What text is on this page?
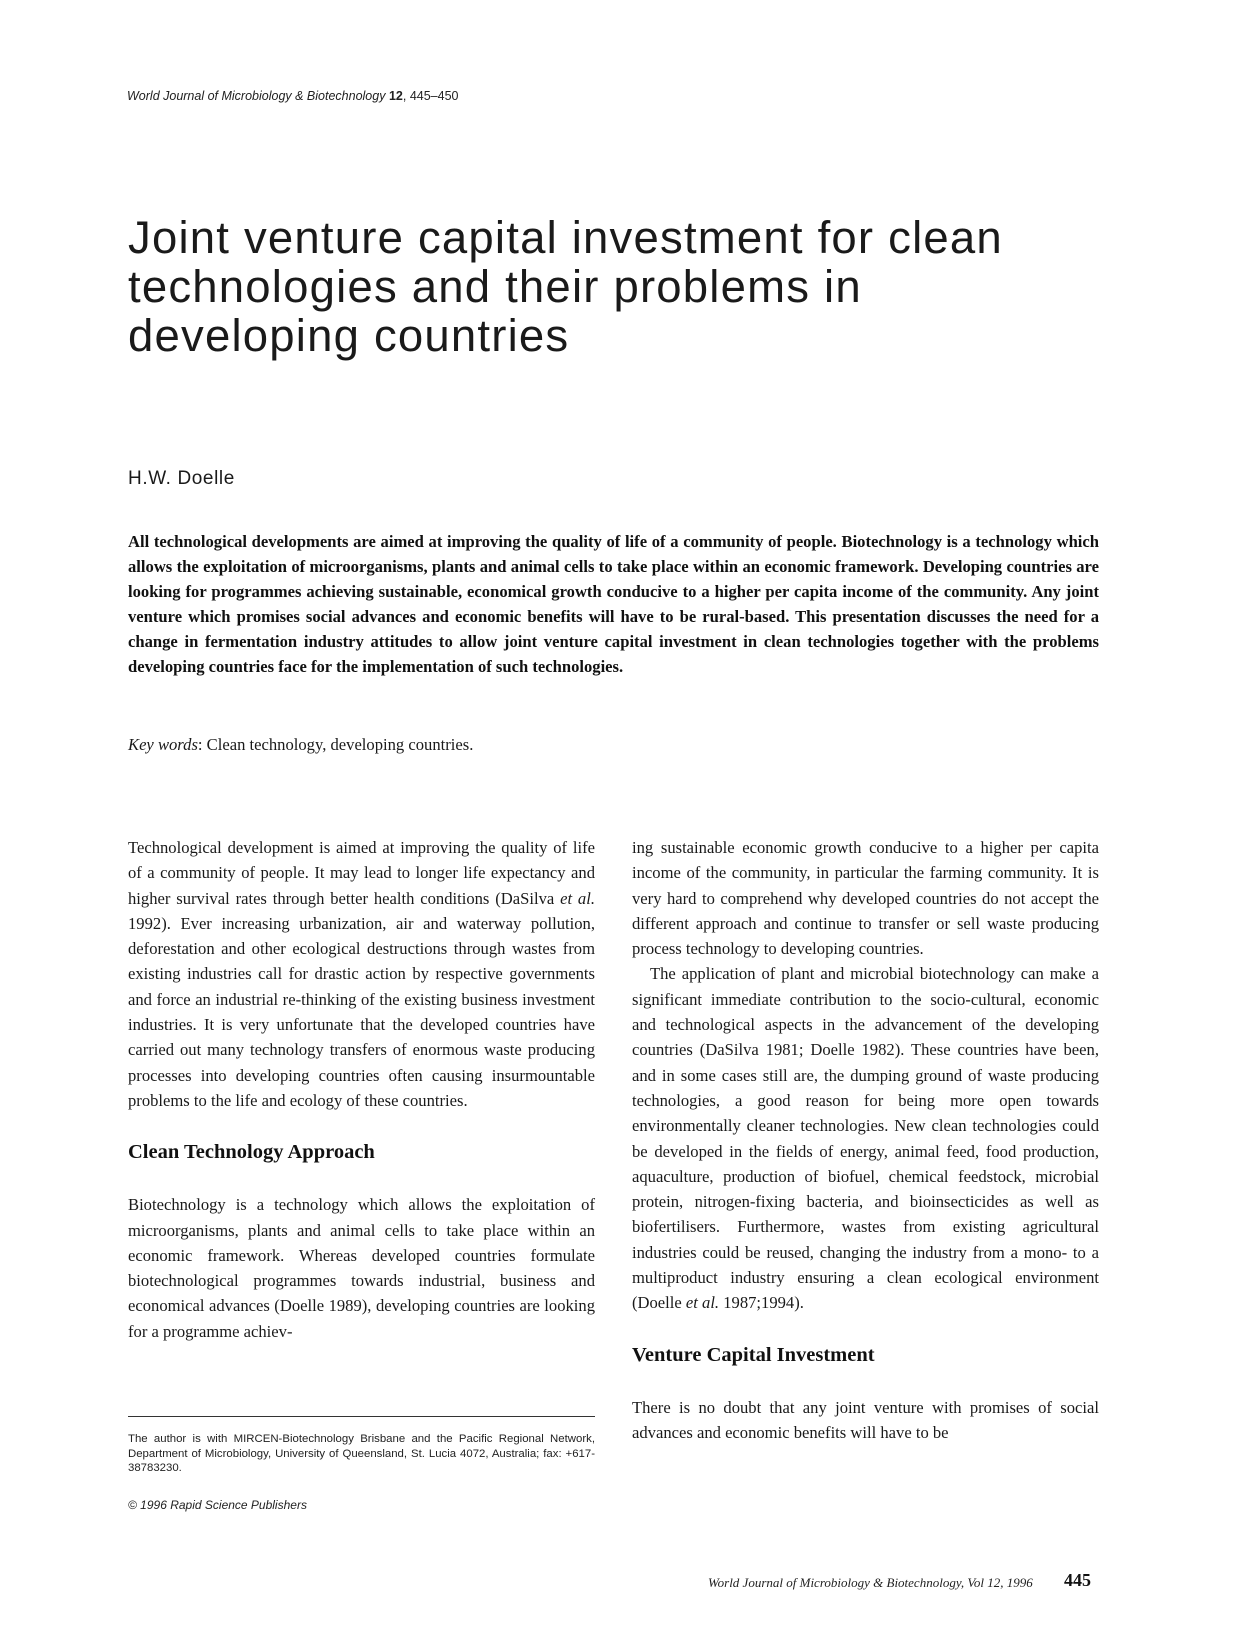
World Journal of Microbiology & Biotechnology 12, 445–450
Joint venture capital investment for clean
technologies and their problems in
developing countries
H.W. Doelle

All technological developments are aimed at improving the quality of life of a community of people. Biotechnology is a technology which allows the exploitation of microorganisms, plants and animal cells to take place within an economic framework. Developing countries are looking for programmes achieving sustainable, economical growth conducive to a higher per capita income of the community. Any joint venture which promises social advances and economic benefits will have to be rural-based. This presentation discusses the need for a change in fermentation industry attitudes to allow joint venture capital investment in clean technologies together with the problems developing countries face for the implementation of such technologies.

Key words: Clean technology, developing countries.

Technological development is aimed at improving the quality of life of a community of people. It may lead to longer life expectancy and higher survival rates through better health conditions (DaSilva et al. 1992). Ever increasing urbanization, air and waterway pollution, deforestation and other ecological destructions through wastes from existing industries call for drastic action by respective governments and force an industrial re-thinking of the existing business investment industries. It is very unfortunate that the developed countries have carried out many technology transfers of enormous waste producing processes into developing countries often causing insurmountable problems to the life and ecology of these countries.

Clean Technology Approach

Biotechnology is a technology which allows the exploitation of microorganisms, plants and animal cells to take place within an economic framework. Whereas developed countries formulate biotechnological programmes towards industrial, business and economical advances (Doelle 1989), developing countries are looking for a programme achiev-

ing sustainable economic growth conducive to a higher per capita income of the community, in particular the farming community. It is very hard to comprehend why developed countries do not accept the different approach and continue to transfer or sell waste producing process technology to developing countries.

The application of plant and microbial biotechnology can make a significant immediate contribution to the socio-cultural, economic and technological aspects in the advancement of the developing countries (DaSilva 1981; Doelle 1982). These countries have been, and in some cases still are, the dumping ground of waste producing technologies, a good reason for being more open towards environmentally cleaner technologies. New clean technologies could be developed in the fields of energy, animal feed, food production, aquaculture, production of biofuel, chemical feedstock, microbial protein, nitrogen-fixing bacteria, and bioinsecticides as well as biofertilisers. Furthermore, wastes from existing agricultural industries could be reused, changing the industry from a mono- to a multiproduct industry ensuring a clean ecological environment (Doelle et al. 1987;1994).

Venture Capital Investment

There is no doubt that any joint venture with promises of social advances and economic benefits will have to be

The author is with MIRCEN-Biotechnology Brisbane and the Pacific Regional Network, Department of Microbiology, University of Queensland, St. Lucia 4072, Australia; fax: +617-38783230.

© 1996 Rapid Science Publishers
World Journal of Microbiology & Biotechnology, Vol 12, 1996 445
